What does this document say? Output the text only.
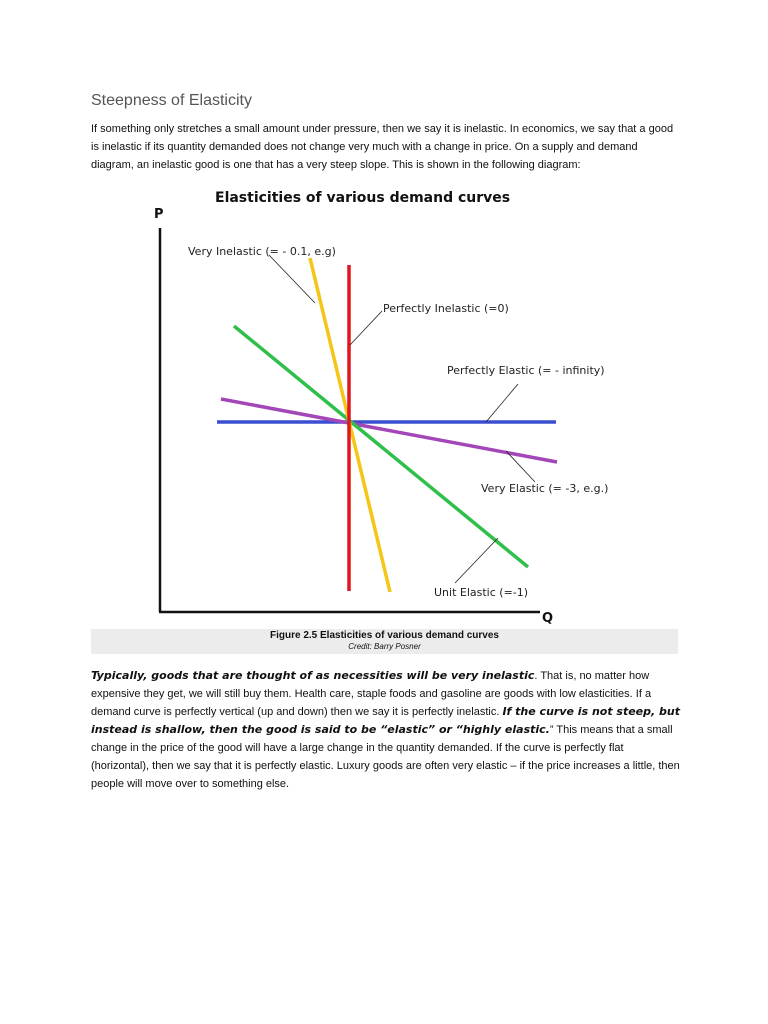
Steepness of Elasticity

If something only stretches a small amount under pressure, then we say it is inelastic. In economics, we say that a good is inelastic if its quantity demanded does not change very much with a change in price. On a supply and demand diagram, an inelastic good is one that has a very steep slope. This is shown in the following diagram:

Elasticities of various demand curves
P
Q
Very Inelastic (= - 0.1, e.g)
Perfectly Inelastic (=0)
Perfectly Elastic (= - infinity)
Very Elastic (= -3, e.g.)
Unit Elastic (=-1)
Figure 2.5 Elasticities of various demand curves
Credit: Barry Posner

Typically, goods that are thought of as necessities will be very inelastic. That is, no matter how expensive they get, we will still buy them. Health care, staple foods and gasoline are goods with low elasticities. If a demand curve is perfectly vertical (up and down) then we say it is perfectly inelastic. If the curve is not steep, but instead is shallow, then the good is said to be “elastic” or “highly elastic.” This means that a small change in the price of the good will have a large change in the quantity demanded. If the curve is perfectly flat (horizontal), then we say that it is perfectly elastic. Luxury goods are often very elastic – if the price increases a little, then people will move over to something else.
